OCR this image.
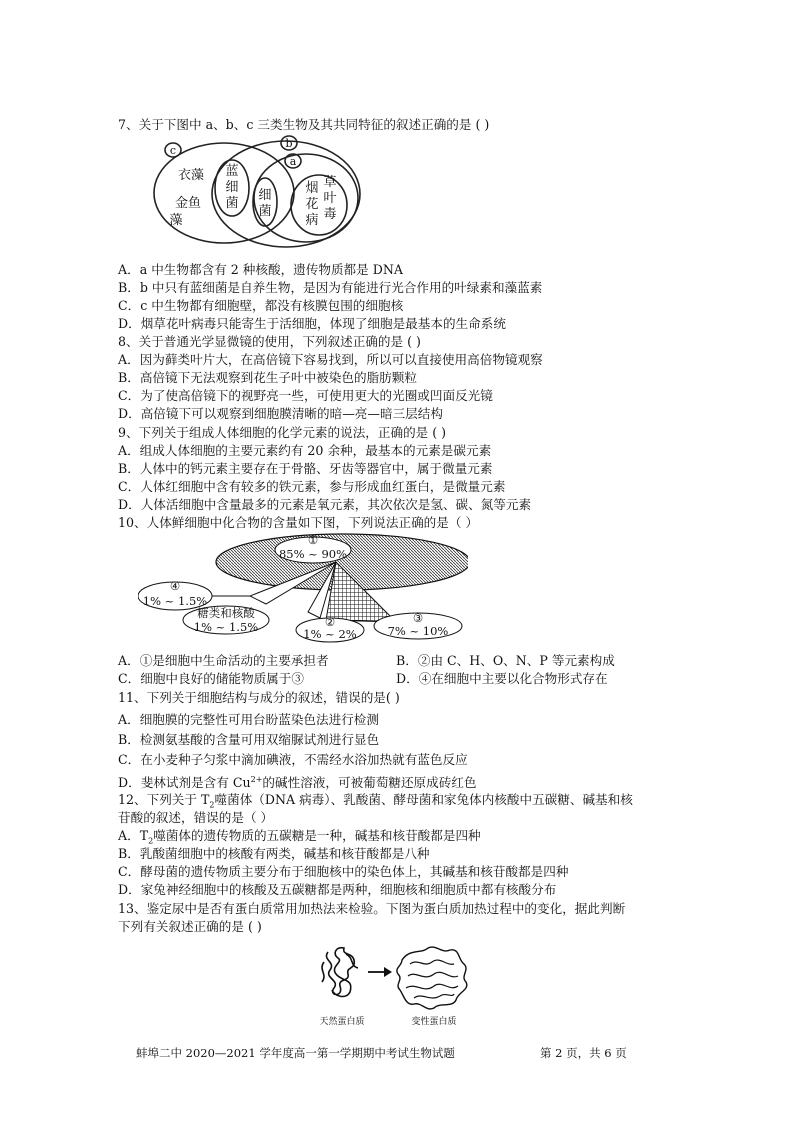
7、关于下图中 a、b、c 三类生物及其共同特征的叙述正确的是 ( )
c
b
a
衣藻
金鱼
藻
蓝
细
菌
细
菌
烟 草
花 叶
病 毒
A．a 中生物都含有 2 种核酸，遗传物质都是 DNA
B．b 中只有蓝细菌是自养生物，是因为有能进行光合作用的叶绿素和藻蓝素
C．c 中生物都有细胞壁，都没有核膜包围的细胞核
D．烟草花叶病毒只能寄生于活细胞，体现了细胞是最基本的生命系统
8、关于普通光学显微镜的使用，下列叙述正确的是 ( )
A．因为藓类叶片大，在高倍镜下容易找到，所以可以直接使用高倍物镜观察
B．高倍镜下无法观察到花生子叶中被染色的脂肪颗粒
C．为了使高倍镜下的视野亮一些，可使用更大的光圈或凹面反光镜
D．高倍镜下可以观察到细胞膜清晰的暗—亮—暗三层结构
9、下列关于组成人体细胞的化学元素的说法，正确的是 ( )
A．组成人体细胞的主要元素约有 20 余种，最基本的元素是碳元素
B．人体中的钙元素主要存在于骨骼、牙齿等器官中，属于微量元素
C．人体红细胞中含有较多的铁元素，参与形成血红蛋白，是微量元素
D．人体活细胞中含量最多的元素是氧元素，其次依次是氢、碳、氮等元素
10、人体鲜细胞中化合物的含量如下图，下列说法正确的是（ ）
①
85% ~ 90%
④
1% ~ 1.5%
糖类和核酸
1% ~ 1.5%	②
1% ~ 2%
③
7% ~ 10%
A．①是细胞中生命活动的主要承担者	B．②由 C、H、O、N、P 等元素构成
C．细胞中良好的储能物质属于③	D．④在细胞中主要以化合物形式存在
11、下列关于细胞结构与成分的叙述，错误的是( )
A．细胞膜的完整性可用台盼蓝染色法进行检测
B．检测氨基酸的含量可用双缩脲试剂进行显色
C．在小麦种子匀浆中滴加碘液，不需经水浴加热就有蓝色反应
D．斐林试剂是含有 $Cu^{2+}$的碱性溶液，可被葡萄糖还原成砖红色
12、下列关于 $T_2$噬菌体（DNA 病毒）、乳酸菌、酵母菌和家兔体内核酸中五碳糖、碱基和核
苷酸的叙述，错误的是（ ）
A．$T_2$噬菌体的遗传物质的五碳糖是一种，碱基和核苷酸都是四种
B．乳酸菌细胞中的核酸有两类，碱基和核苷酸都是八种
C．酵母菌的遗传物质主要分布于细胞核中的染色体上，其碱基和核苷酸都是四种
D．家兔神经细胞中的核酸及五碳糖都是两种，细胞核和细胞质中都有核酸分布
13、鉴定尿中是否有蛋白质常用加热法来检验。下图为蛋白质加热过程中的变化，据此判断
下列有关叙述正确的是 ( )
天然蛋白质	变性蛋白质
蚌埠二中 2020—2021 学年度高一第一学期期中考试生物试题	第 2 页，共 6 页
